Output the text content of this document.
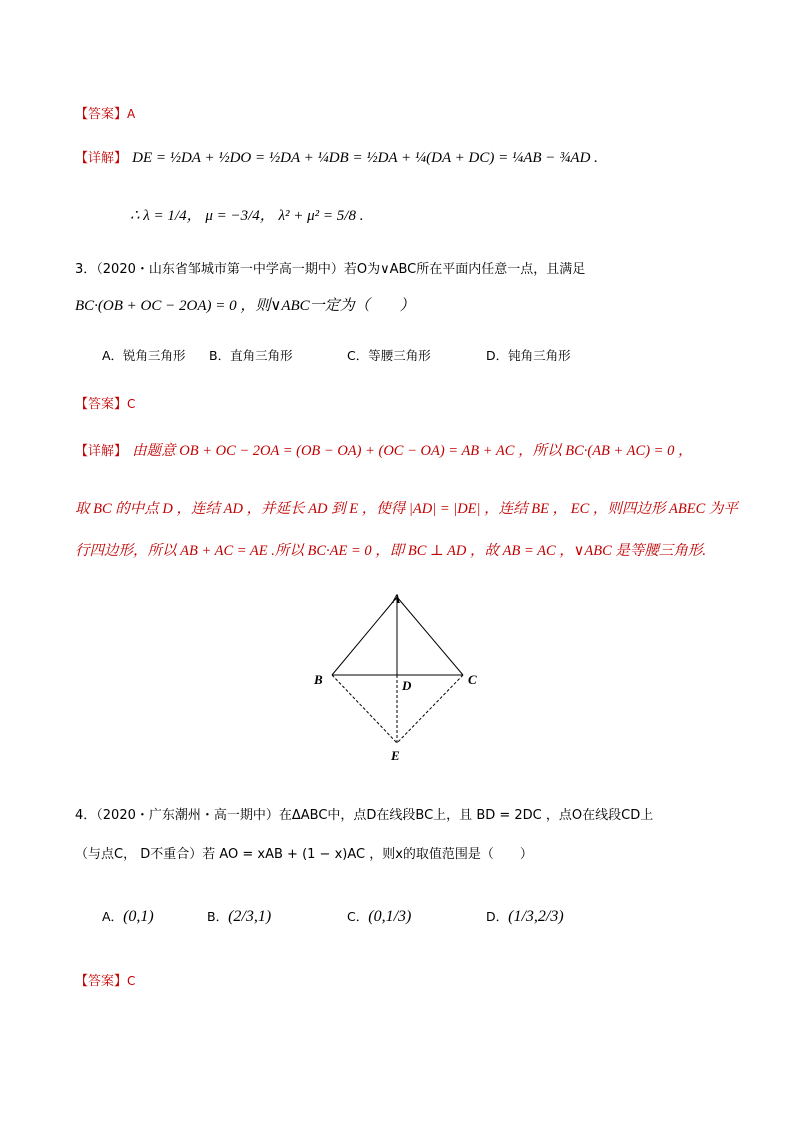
【答案】A
【详解】 DE = ½DA + ½DO = ½DA + ¼DB = ½DA + ¼(DA + DC) = ¼AB − ¾AD .
∴ λ = 1/4， μ = −3/4， λ² + μ² = 5/8 .
3．（2020・山东省邹城市第一中学高一期中）若O为∨ABC所在平面内任意一点，且满足
BC·(OB + OC − 2OA) = 0 ，则∨ABC一定为（　　）
A．锐角三角形 B．直角三角形	C．等腰三角形	D．钝角三角形
【答案】C
【详解】 由题意 OB + OC − 2OA = (OB − OA) + (OC − OA) = AB + AC ，所以 BC·(AB + AC) = 0 ，
取 BC 的中点 D ，连结 AD ，并延长 AD 到 E ，使得 |AD| = |DE| ，连结 BE ， EC ，则四边形 ABEC 为平
行四边形，所以 AB + AC = AE .所以 BC·AE = 0 ，即 BC ⊥ AD ，故 AB = AC ，∨ABC 是等腰三角形.
A
B	C
D
E
4．（2020・广东潮州・高一期中）在ΔABC中，点D在线段BC上，且 BD = 2DC ，点O在线段CD上
（与点C， D不重合）若 AO = xAB + (1 − x)AC ，则x的取值范围是（　　）
A．(0,1)	B．(2/3,1)	C．(0,1/3)	D．(1/3,2/3)
【答案】C
